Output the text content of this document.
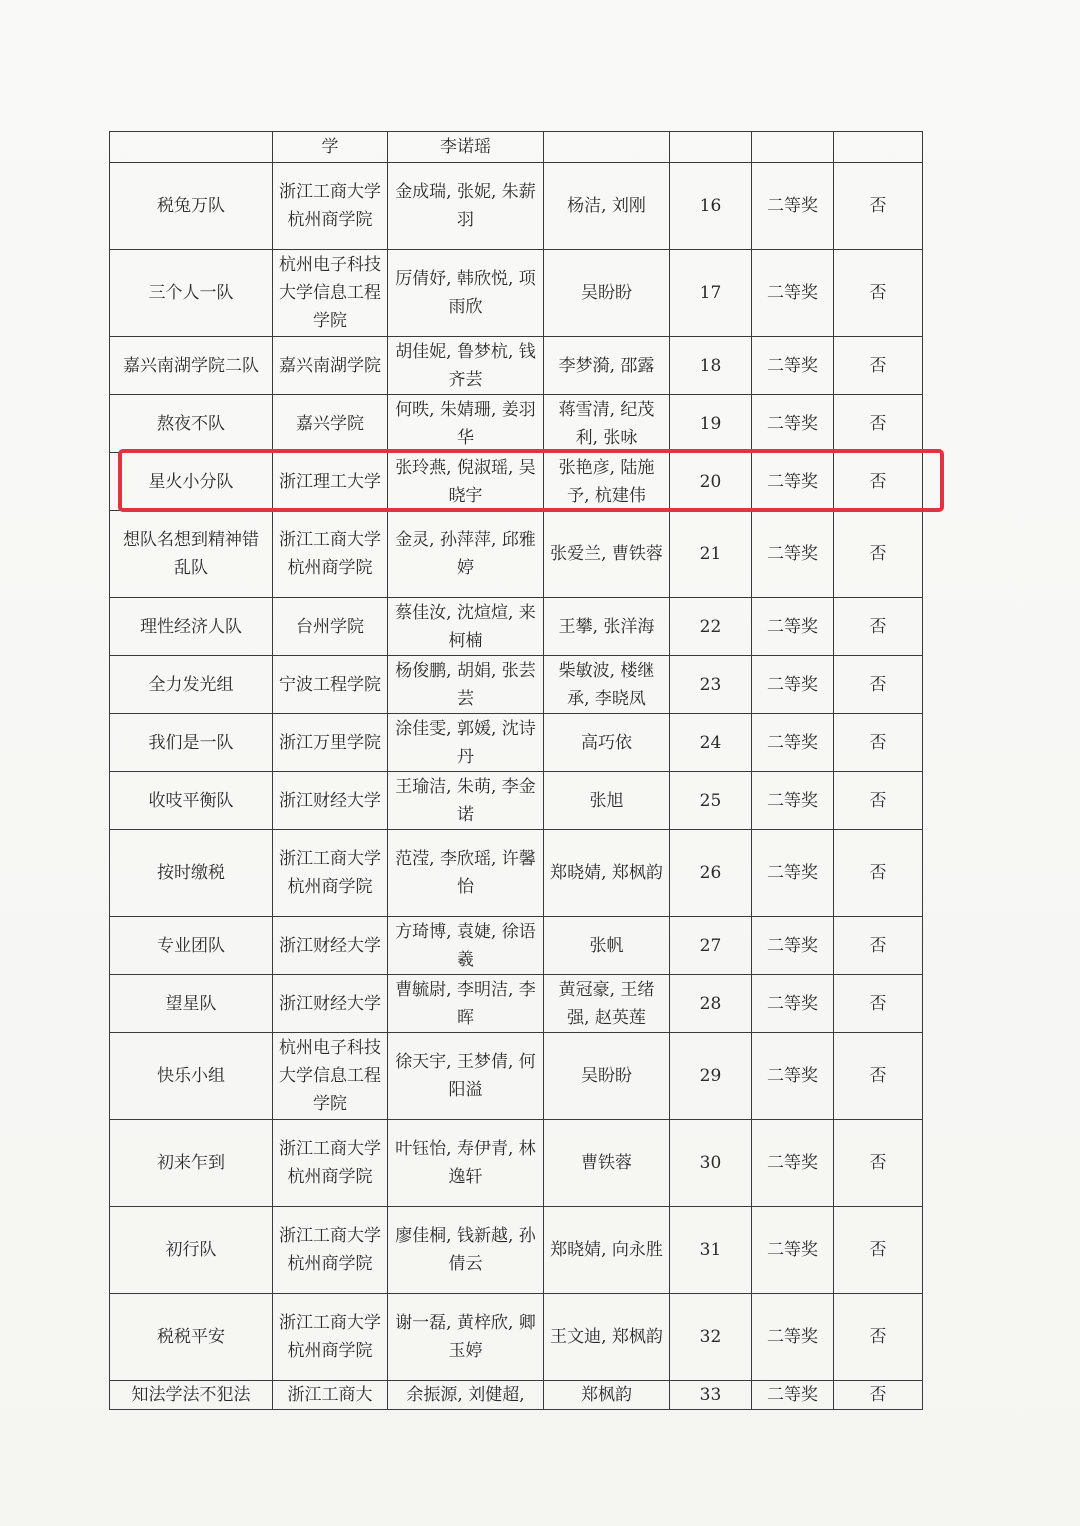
	学	李诺瑶				
税兔万队	浙江工商大学杭州商学院	金成瑞, 张妮, 朱薪羽	杨洁, 刘刚	16	二等奖	否
三个人一队	杭州电子科技大学信息工程学院	厉倩妤, 韩欣悦, 项雨欣	吴盼盼	17	二等奖	否
嘉兴南湖学院二队	嘉兴南湖学院	胡佳妮, 鲁梦杭, 钱齐芸	李梦漪, 邵露	18	二等奖	否
熬夜不队	嘉兴学院	何昳, 朱婧珊, 姜羽华	蒋雪清, 纪茂利, 张咏	19	二等奖	否
星火小分队	浙江理工大学	张玲燕, 倪淑瑶, 吴晓宇	张艳彦, 陆施予, 杭建伟	20	二等奖	否
想队名想到精神错乱队	浙江工商大学杭州商学院	金灵, 孙萍萍, 邱雅婷	张爱兰, 曹铁蓉	21	二等奖	否
理性经济人队	台州学院	蔡佳汝, 沈煊煊, 来柯楠	王攀, 张洋海	22	二等奖	否
全力发光组	宁波工程学院	杨俊鹏, 胡娟, 张芸芸	柴敏波, 楼继承, 李晓凤	23	二等奖	否
我们是一队	浙江万里学院	涂佳雯, 郭媛, 沈诗丹	高巧依	24	二等奖	否
收吱平衡队	浙江财经大学	王瑜洁, 朱萌, 李金诺	张旭	25	二等奖	否
按时缴税	浙江工商大学杭州商学院	范滢, 李欣瑶, 许馨怡	郑晓婧, 郑枫韵	26	二等奖	否
专业团队	浙江财经大学	方琦博, 袁婕, 徐语羲	张帆	27	二等奖	否
望星队	浙江财经大学	曹毓尉, 李明洁, 李晖	黄冠豪, 王绪强, 赵英莲	28	二等奖	否
快乐小组	杭州电子科技大学信息工程学院	徐天宇, 王梦倩, 何阳溢	吴盼盼	29	二等奖	否
初来乍到	浙江工商大学杭州商学院	叶钰怡, 寿伊青, 林逸轩	曹铁蓉	30	二等奖	否
初行队	浙江工商大学杭州商学院	廖佳桐, 钱新越, 孙倩云	郑晓婧, 向永胜	31	二等奖	否
税税平安	浙江工商大学杭州商学院	谢一磊, 黄梓欣, 卿玉婷	王文迪, 郑枫韵	32	二等奖	否
知法学法不犯法	浙江工商大	余振源, 刘健超,	郑枫韵	33	二等奖	否
